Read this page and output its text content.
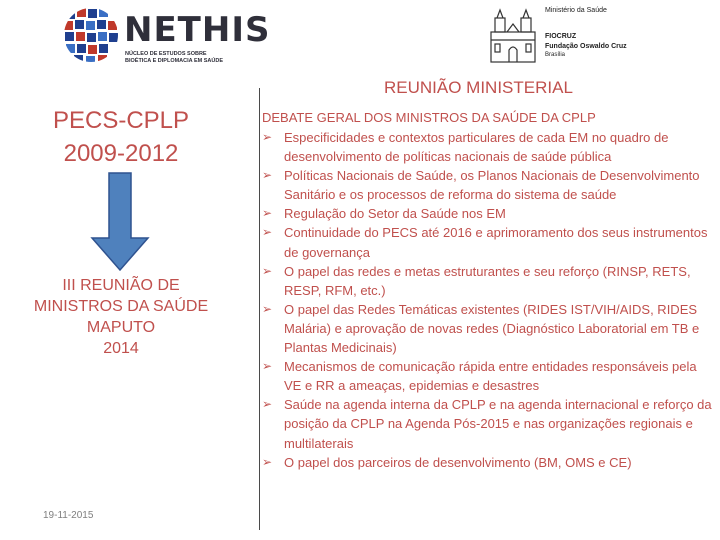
NETHIS
NÚCLEO DE ESTUDOS SOBRE
BIOÉTICA E DIPLOMACIA EM SAÚDE
Ministério da Saúde
FIOCRUZ
Fundação Oswaldo Cruz
Brasília
PECS-CPLP
2009-2012
III REUNIÃO DE
MINISTROS DA SAÚDE
MAPUTO
2014
REUNIÃO MINISTERIAL
DEBATE GERAL DOS MINISTROS DA SAÚDE DA CPLP
➢ Especificidades e contextos particulares de cada EM no quadro de desenvolvimento de políticas nacionais de saúde pública
➢ Políticas Nacionais de Saúde, os Planos Nacionais de Desenvolvimento Sanitário e os processos de reforma do sistema de saúde
➢ Regulação do Setor da Saúde nos EM
➢ Continuidade do PECS até 2016 e aprimoramento dos seus instrumentos de governança
➢ O papel das redes e metas estruturantes e seu reforço (RINSP, RETS, RESP, RFM, etc.)
➢ O papel das Redes Temáticas existentes (RIDES IST/VIH/AIDS, RIDES Malária) e aprovação de novas redes (Diagnóstico Laboratorial em TB e Plantas Medicinais)
➢ Mecanismos de comunicação rápida entre entidades responsáveis pela VE e RR a ameaças, epidemias e desastres
➢ Saúde na agenda interna da CPLP e na agenda internacional e reforço da posição da CPLP na Agenda Pós-2015 e nas organizações regionais e multilaterais
➢ O papel dos parceiros de desenvolvimento (BM, OMS e CE)
19-11-2015
